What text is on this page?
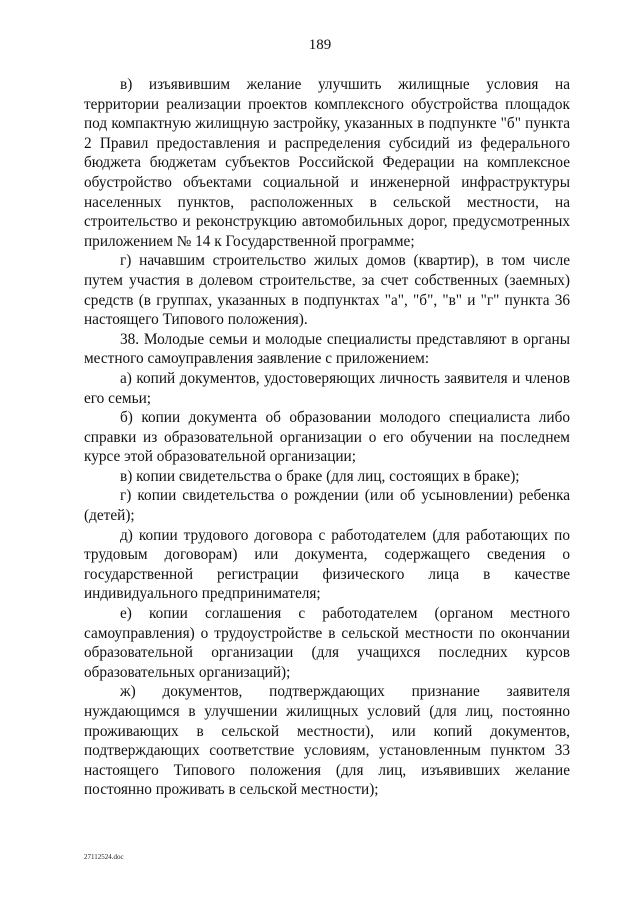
189

в) изъявившим желание улучшить жилищные условия на территории реализации проектов комплексного обустройства площадок под компактную жилищную застройку, указанных в подпункте "б" пункта 2 Правил предоставления и распределения субсидий из федерального бюджета бюджетам субъектов Российской Федерации на комплексное обустройство объектами социальной и инженерной инфраструктуры населенных пунктов, расположенных в сельской местности, на строительство и реконструкцию автомобильных дорог, предусмотренных приложением № 14 к Государственной программе;

г) начавшим строительство жилых домов (квартир), в том числе путем участия в долевом строительстве, за счет собственных (заемных) средств (в группах, указанных в подпунктах "а", "б", "в" и "г" пункта 36 настоящего Типового положения).

38. Молодые семьи и молодые специалисты представляют в органы местного самоуправления заявление с приложением:

а) копий документов, удостоверяющих личность заявителя и членов его семьи;

б) копии документа об образовании молодого специалиста либо справки из образовательной организации о его обучении на последнем курсе этой образовательной организации;

в) копии свидетельства о браке (для лиц, состоящих в браке);

г) копии свидетельства о рождении (или об усыновлении) ребенка (детей);

д) копии трудового договора с работодателем (для работающих по трудовым договорам) или документа, содержащего сведения о государственной регистрации физического лица в качестве индивидуального предпринимателя;

е) копии соглашения с работодателем (органом местного самоуправления) о трудоустройстве в сельской местности по окончании образовательной организации (для учащихся последних курсов образовательных организаций);

ж) документов, подтверждающих признание заявителя нуждающимся в улучшении жилищных условий (для лиц, постоянно проживающих в сельской местности), или копий документов, подтверждающих соответствие условиям, установленным пунктом 33 настоящего Типового положения (для лиц, изъявивших желание постоянно проживать в сельской местности);

27112524.doc
